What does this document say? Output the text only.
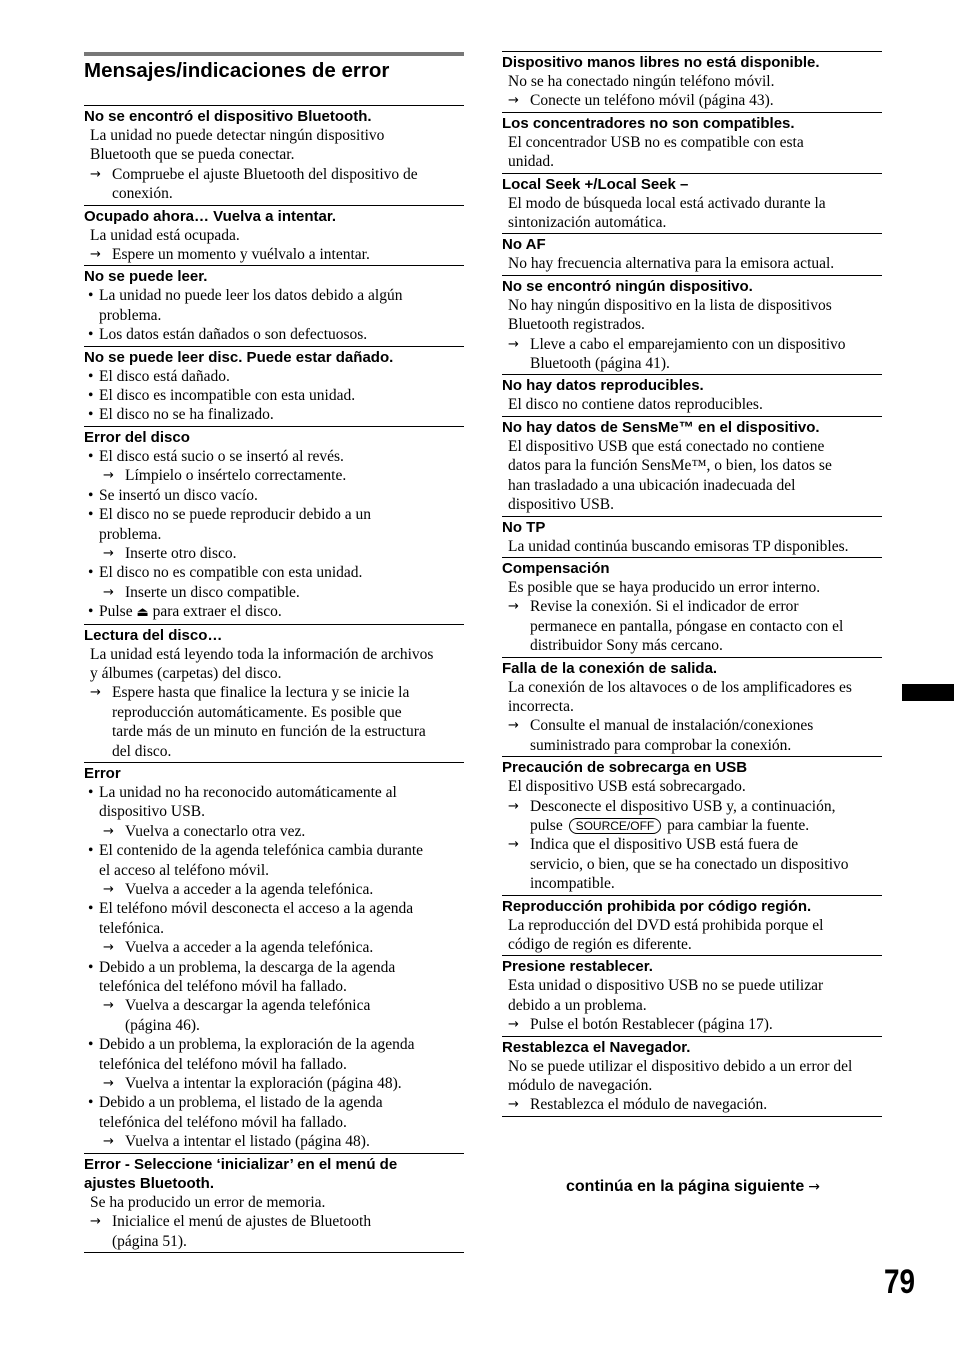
Mensajes/indicaciones de error
No se encontró el dispositivo Bluetooth.
La unidad no puede detectar ningún dispositivo
Bluetooth que se pueda conectar.
→ Compruebe el ajuste Bluetooth del dispositivo de
conexión.
Ocupado ahora… Vuelva a intentar.
La unidad está ocupada.
→ Espere un momento y vuélvalo a intentar.
No se puede leer.
• La unidad no puede leer los datos debido a algún
problema.
• Los datos están dañados o son defectuosos.
No se puede leer disc. Puede estar dañado.
• El disco está dañado.
• El disco es incompatible con esta unidad.
• El disco no se ha finalizado.
Error del disco
• El disco está sucio o se insertó al revés.
→ Límpielo o insértelo correctamente.
• Se insertó un disco vacío.
• El disco no se puede reproducir debido a un
problema.
→ Inserte otro disco.
• El disco no es compatible con esta unidad.
→ Inserte un disco compatible.
• Pulse ⏏ para extraer el disco.
Lectura del disco…
La unidad está leyendo toda la información de archivos
y álbumes (carpetas) del disco.
→ Espere hasta que finalice la lectura y se inicie la
reproducción automáticamente. Es posible que
tarde más de un minuto en función de la estructura
del disco.
Error
• La unidad no ha reconocido automáticamente al
dispositivo USB.
→ Vuelva a conectarlo otra vez.
• El contenido de la agenda telefónica cambia durante
el acceso al teléfono móvil.
→ Vuelva a acceder a la agenda telefónica.
• El teléfono móvil desconecta el acceso a la agenda
telefónica.
→ Vuelva a acceder a la agenda telefónica.
• Debido a un problema, la descarga de la agenda
telefónica del teléfono móvil ha fallado.
→ Vuelva a descargar la agenda telefónica
(página 46).
• Debido a un problema, la exploración de la agenda
telefónica del teléfono móvil ha fallado.
→ Vuelva a intentar la exploración (página 48).
• Debido a un problema, el listado de la agenda
telefónica del teléfono móvil ha fallado.
→ Vuelva a intentar el listado (página 48).
Error - Seleccione ‘inicializar’ en el menú de
ajustes Bluetooth.
Se ha producido un error de memoria.
→ Inicialice el menú de ajustes de Bluetooth
(página 51).
Dispositivo manos libres no está disponible.
No se ha conectado ningún teléfono móvil.
→ Conecte un teléfono móvil (página 43).
Los concentradores no son compatibles.
El concentrador USB no es compatible con esta
unidad.
Local Seek +/Local Seek –
El modo de búsqueda local está activado durante la
sintonización automática.
No AF
No hay frecuencia alternativa para la emisora actual.
No se encontró ningún dispositivo.
No hay ningún dispositivo en la lista de dispositivos
Bluetooth registrados.
→ Lleve a cabo el emparejamiento con un dispositivo
Bluetooth (página 41).
No hay datos reproducibles.
El disco no contiene datos reproducibles.
No hay datos de SensMe™ en el dispositivo.
El dispositivo USB que está conectado no contiene
datos para la función SensMe™, o bien, los datos se
han trasladado a una ubicación inadecuada del
dispositivo USB.
No TP
La unidad continúa buscando emisoras TP disponibles.
Compensación
Es posible que se haya producido un error interno.
→ Revise la conexión. Si el indicador de error
permanece en pantalla, póngase en contacto con el
distribuidor Sony más cercano.
Falla de la conexión de salida.
La conexión de los altavoces o de los amplificadores es
incorrecta.
→ Consulte el manual de instalación/conexiones
suministrado para comprobar la conexión.
Precaución de sobrecarga en USB
El dispositivo USB está sobrecargado.
→ Desconecte el dispositivo USB y, a continuación,
pulse SOURCE/OFF para cambiar la fuente.
→ Indica que el dispositivo USB está fuera de
servicio, o bien, que se ha conectado un dispositivo
incompatible.
Reproducción prohibida por código región.
La reproducción del DVD está prohibida porque el
código de región es diferente.
Presione restablecer.
Esta unidad o dispositivo USB no se puede utilizar
debido a un problema.
→ Pulse el botón Restablecer (página 17).
Restablezca el Navegador.
No se puede utilizar el dispositivo debido a un error del
módulo de navegación.
→ Restablezca el módulo de navegación.
continúa en la página siguiente →
79
